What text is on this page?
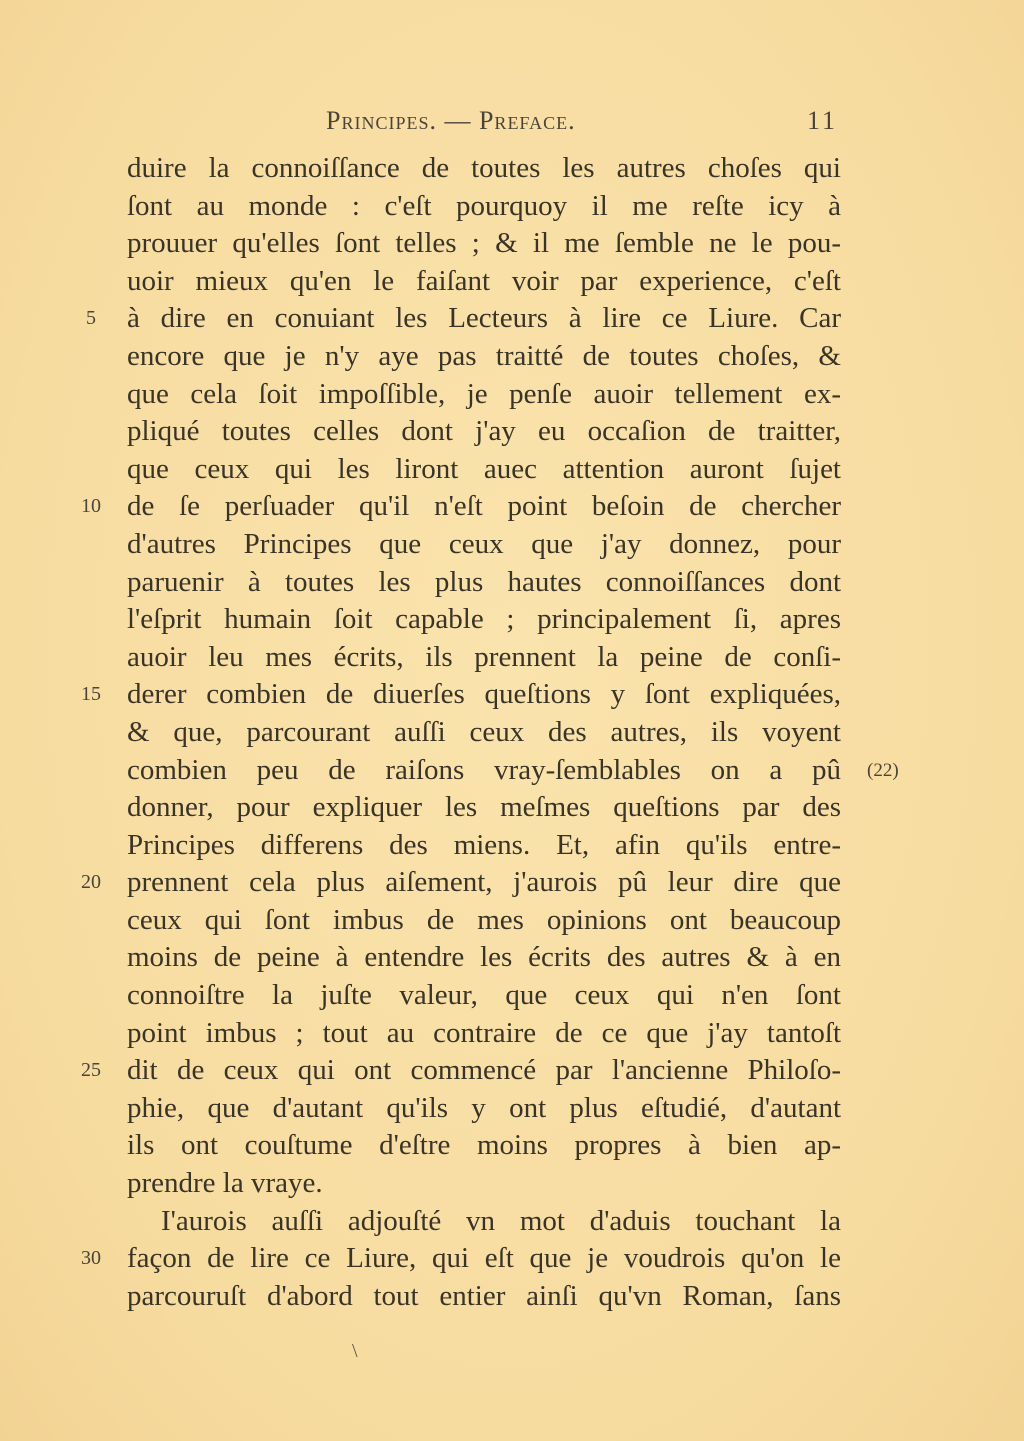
Principes. — Preface.	11
duire la connoiſſance de toutes les autres choſes qui
ſont au monde : c'eſt pourquoy il me reſte icy à
prouuer qu'elles ſont telles ; & il me ſemble ne le pou-
uoir mieux qu'en le faiſant voir par experience, c'eſt
à dire en conuiant les Lecteurs à lire ce Liure. Car
5
encore que je n'y aye pas traitté de toutes choſes, &
que cela ſoit impoſſible, je penſe auoir tellement ex-
pliqué toutes celles dont j'ay eu occaſion de traitter,
que ceux qui les liront auec attention auront ſujet
de ſe perſuader qu'il n'eſt point beſoin de chercher
10
d'autres Principes que ceux que j'ay donnez, pour
paruenir à toutes les plus hautes connoiſſances dont
l'eſprit humain ſoit capable ; principalement ſi, apres
auoir leu mes écrits, ils prennent la peine de conſi-
derer combien de diuerſes queſtions y ſont expliquées,
15
& que, parcourant auſſi ceux des autres, ils voyent
combien peu de raiſons vray-ſemblables on a pû (22)
donner, pour expliquer les meſmes queſtions par des
Principes differens des miens. Et, afin qu'ils entre-
prennent cela plus aiſement, j'aurois pû leur dire que
20
ceux qui ſont imbus de mes opinions ont beaucoup
moins de peine à entendre les écrits des autres & à en
connoiſtre la juſte valeur, que ceux qui n'en ſont
point imbus ; tout au contraire de ce que j'ay tantoſt
dit de ceux qui ont commencé par l'ancienne Philoſo-
25
phie, que d'autant qu'ils y ont plus eſtudié, d'autant
ils ont couſtume d'eſtre moins propres à bien ap-
prendre la vraye.
I'aurois auſſi adjouſté vn mot d'aduis touchant la
façon de lire ce Liure, qui eſt que je voudrois qu'on le
30
parcouruſt d'abord tout entier ainſi qu'vn Roman, ſans
\
